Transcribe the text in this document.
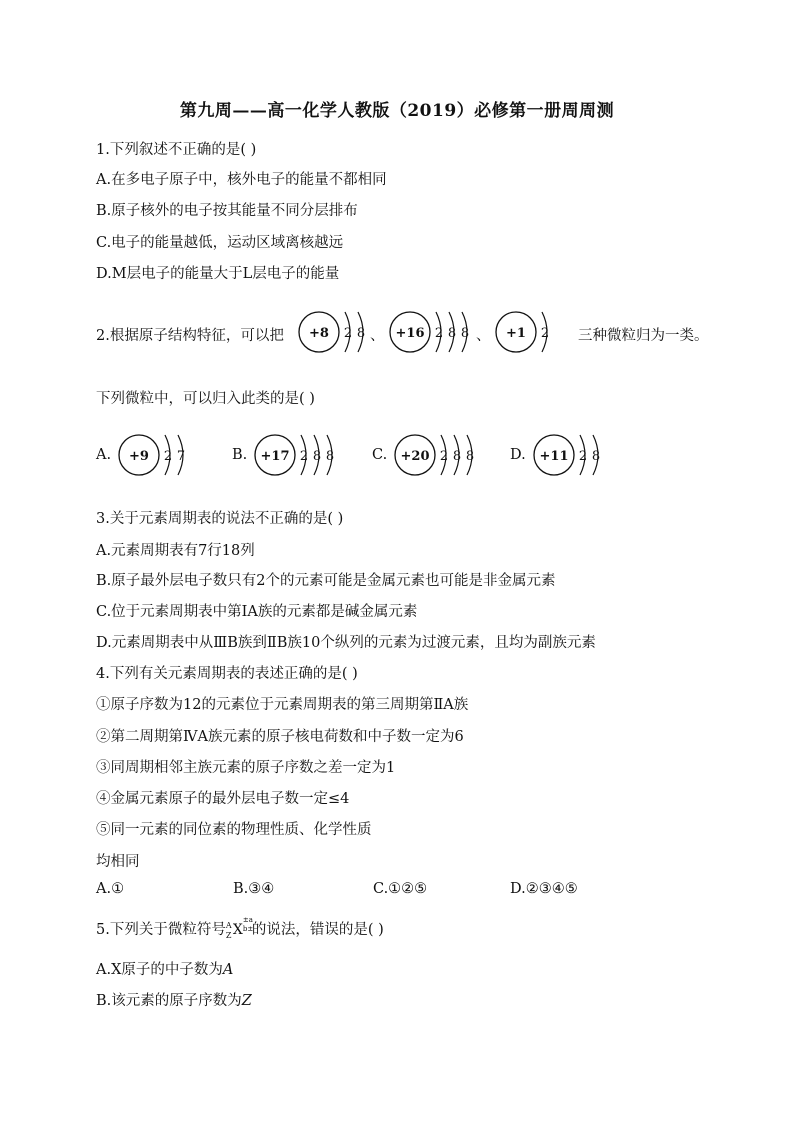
第九周——高一化学人教版（2019）必修第一册周周测
1.下列叙述不正确的是( )
A.在多电子原子中，核外电子的能量不都相同
B.原子核外的电子按其能量不同分层排布
C.电子的能量越低，运动区域离核越远
D.M层电子的能量大于L层电子的能量
2.根据原子结构特征，可以把 +8 2 8 、 +16 2 8 8 、 +1 2 三种微粒归为一类。
下列微粒中，可以归入此类的是( )
A. +9 2 7	B. +17 2 8 8	C. +20 2 8 8 D. +11 2 8
3.关于元素周期表的说法不正确的是( )
A.元素周期表有7行18列
B.原子最外层电子数只有2个的元素可能是金属元素也可能是非金属元素
C.位于元素周期表中第ⅠA族的元素都是碱金属元素
D.元素周期表中从ⅢB族到ⅡB族10个纵列的元素为过渡元素，且均为副族元素
4.下列有关元素周期表的表述正确的是( )
①原子序数为12的元素位于元素周期表的第三周期第ⅡA族
②第二周期第ⅣA族元素的原子核电荷数和中子数一定为6
③同周期相邻主族元素的原子序数之差一定为1
④金属元素原子的最外层电子数一定≤4
⑤同一元素的同位素的物理性质、化学性质
均相同
A.①	B.③④	C.①②⑤	D.②③④⑤
5.下列关于微粒符号 A
Z X
±a
b±
的说法，错误的是( )
A.X原子的中子数为A
B.该元素的原子序数为Z
